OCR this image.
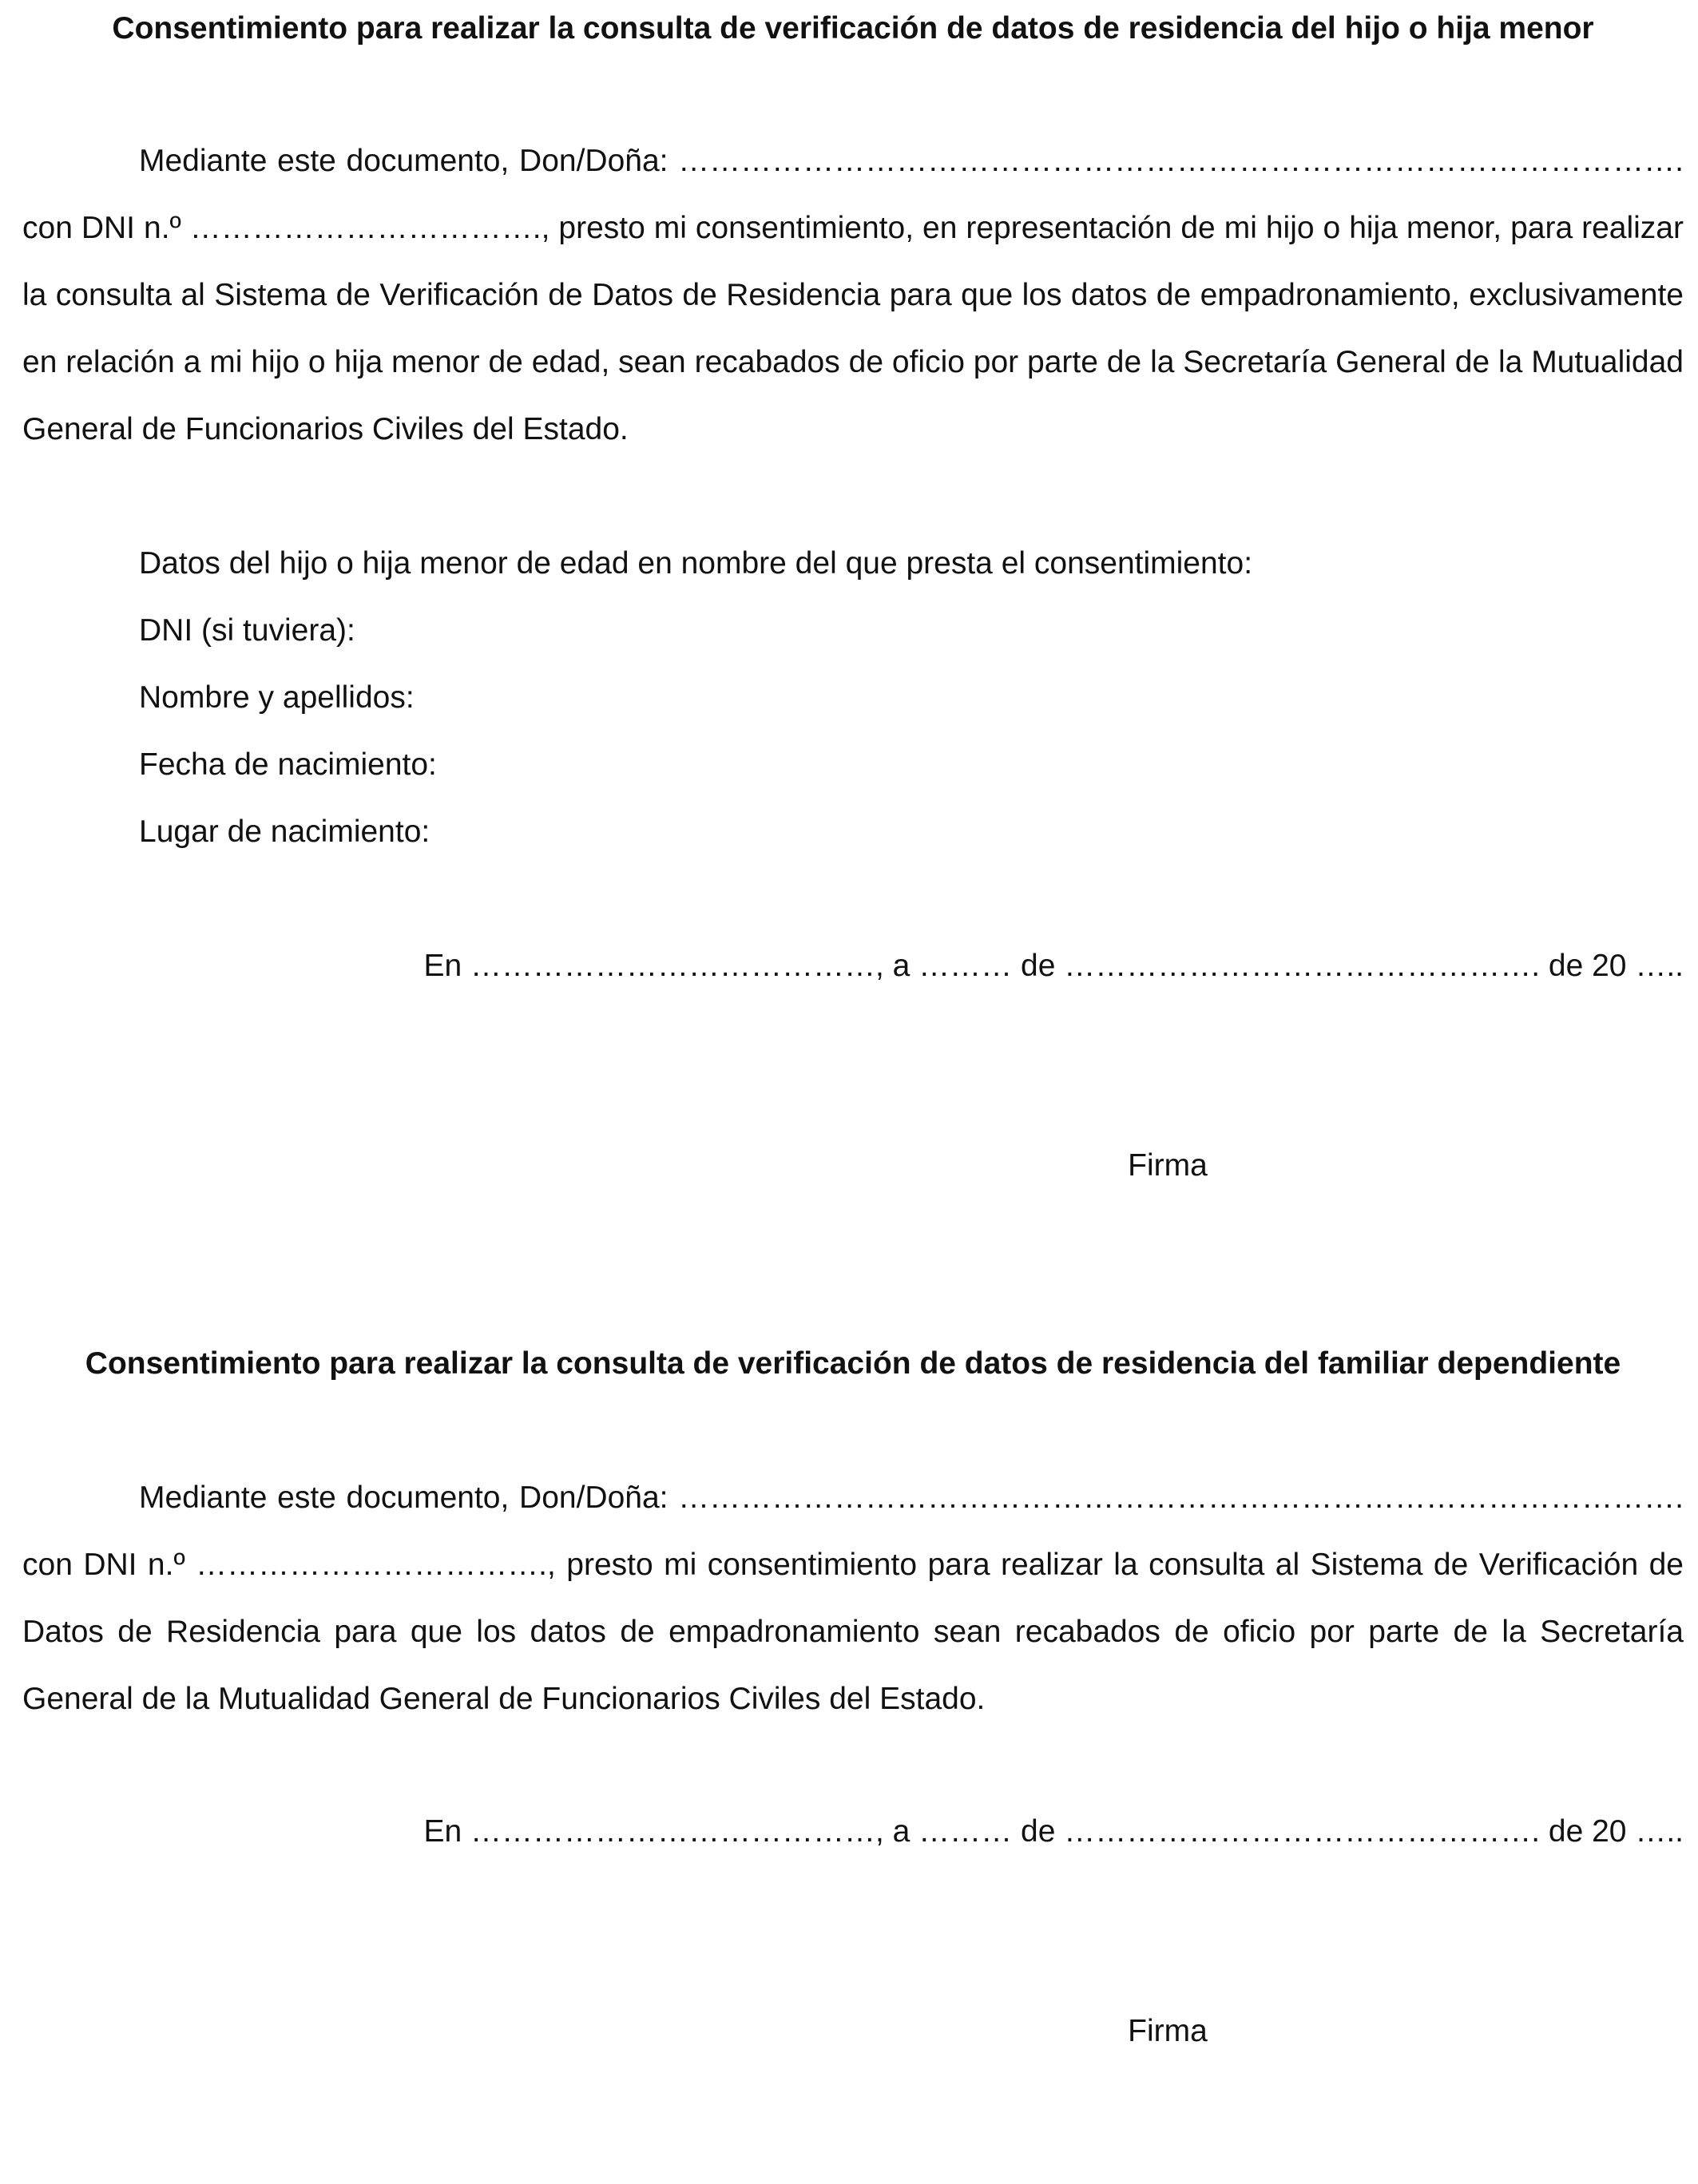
Consentimiento para realizar la consulta de verificación de datos de residencia del hijo o hija menor
Mediante este documento, Don/Doña: ……………………………………………………………………………………. con DNI n.º ……………………………., presto mi consentimiento, en representación de mi hijo o hija menor, para realizar la consulta al Sistema de Verificación de Datos de Residencia para que los datos de empadronamiento, exclusivamente en relación a mi hijo o hija menor de edad, sean recabados de oficio por parte de la Secretaría General de la Mutualidad General de Funcionarios Civiles del Estado.
Datos del hijo o hija menor de edad en nombre del que presta el consentimiento:
DNI (si tuviera):
Nombre y apellidos:
Fecha de nacimiento:
Lugar de nacimiento:
En …………………………………, a ……… de ………………………………………. de 20 …..
Firma
Consentimiento para realizar la consulta de verificación de datos de residencia del familiar dependiente
Mediante este documento, Don/Doña: ……………………………………………………………………………………. con DNI n.º ……………………………., presto mi consentimiento para realizar la consulta al Sistema de Verificación de Datos de Residencia para que los datos de empadronamiento sean recabados de oficio por parte de la Secretaría General de la Mutualidad General de Funcionarios Civiles del Estado.
En …………………………………, a ……… de ………………………………………. de 20 …..
Firma
